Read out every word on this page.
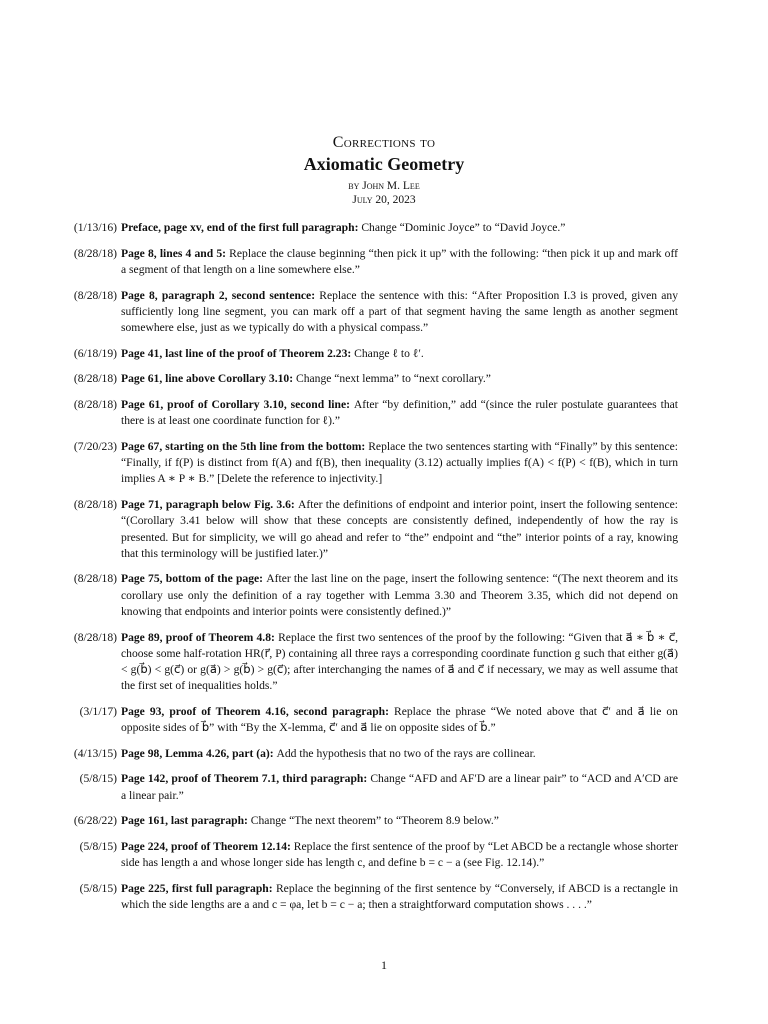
Corrections to
Axiomatic Geometry
by John M. Lee
July 20, 2023
(1/13/16) Preface, page xv, end of the first full paragraph: Change “Dominic Joyce” to “David Joyce.”
(8/28/18) Page 8, lines 4 and 5: Replace the clause beginning “then pick it up” with the following: “then pick it up and mark off a segment of that length on a line somewhere else.”
(8/28/18) Page 8, paragraph 2, second sentence: Replace the sentence with this: “After Proposition I.3 is proved, given any sufficiently long line segment, you can mark off a part of that segment having the same length as another segment somewhere else, just as we typically do with a physical compass.”
(6/18/19) Page 41, last line of the proof of Theorem 2.23: Change ℓ to ℓ′.
(8/28/18) Page 61, line above Corollary 3.10: Change “next lemma” to “next corollary.”
(8/28/18) Page 61, proof of Corollary 3.10, second line: After “by definition,” add “(since the ruler postulate guarantees that there is at least one coordinate function for ℓ).”
(7/20/23) Page 67, starting on the 5th line from the bottom: Replace the two sentences starting with “Finally” by this sentence: “Finally, if f(P) is distinct from f(A) and f(B), then inequality (3.12) actually implies f(A) < f(P) < f(B), which in turn implies A ∗ P ∗ B.” [Delete the reference to injectivity.]
(8/28/18) Page 71, paragraph below Fig. 3.6: After the definitions of endpoint and interior point, insert the following sentence: “(Corollary 3.41 below will show that these concepts are consistently defined, independently of how the ray is presented. But for simplicity, we will go ahead and refer to “the” endpoint and “the” interior points of a ray, knowing that this terminology will be justified later.)”
(8/28/18) Page 75, bottom of the page: After the last line on the page, insert the following sentence: “(The next theorem and its corollary use only the definition of a ray together with Lemma 3.30 and Theorem 3.35, which did not depend on knowing that endpoints and interior points were consistently defined.)”
(8/28/18) Page 89, proof of Theorem 4.8: Replace the first two sentences of the proof by the following: “Given that a⃗ ∗ b⃗ ∗ c⃗, choose some half-rotation HR(r⃗, P) containing all three rays a corresponding coordinate function g such that either g(a⃗) < g(b⃗) < g(c⃗) or g(a⃗) > g(b⃗) > g(c⃗); after interchanging the names of a⃗ and c⃗ if necessary, we may as well assume that the first set of inequalities holds.”
(3/1/17) Page 93, proof of Theorem 4.16, second paragraph: Replace the phrase “We noted above that c⃗′ and a⃗ lie on opposite sides of b⃗” with “By the X-lemma, c⃗′ and a⃗ lie on opposite sides of b⃗.”
(4/13/15) Page 98, Lemma 4.26, part (a): Add the hypothesis that no two of the rays are collinear.
(5/8/15) Page 142, proof of Theorem 7.1, third paragraph: Change “AFD and AF′D are a linear pair” to “ACD and A′CD are a linear pair.”
(6/28/22) Page 161, last paragraph: Change “The next theorem” to “Theorem 8.9 below.”
(5/8/15) Page 224, proof of Theorem 12.14: Replace the first sentence of the proof by “Let ABCD be a rectangle whose shorter side has length a and whose longer side has length c, and define b = c − a (see Fig. 12.14).”
(5/8/15) Page 225, first full paragraph: Replace the beginning of the first sentence by “Conversely, if ABCD is a rectangle in which the side lengths are a and c = φa, let b = c − a; then a straightforward computation shows . . . .”
1
